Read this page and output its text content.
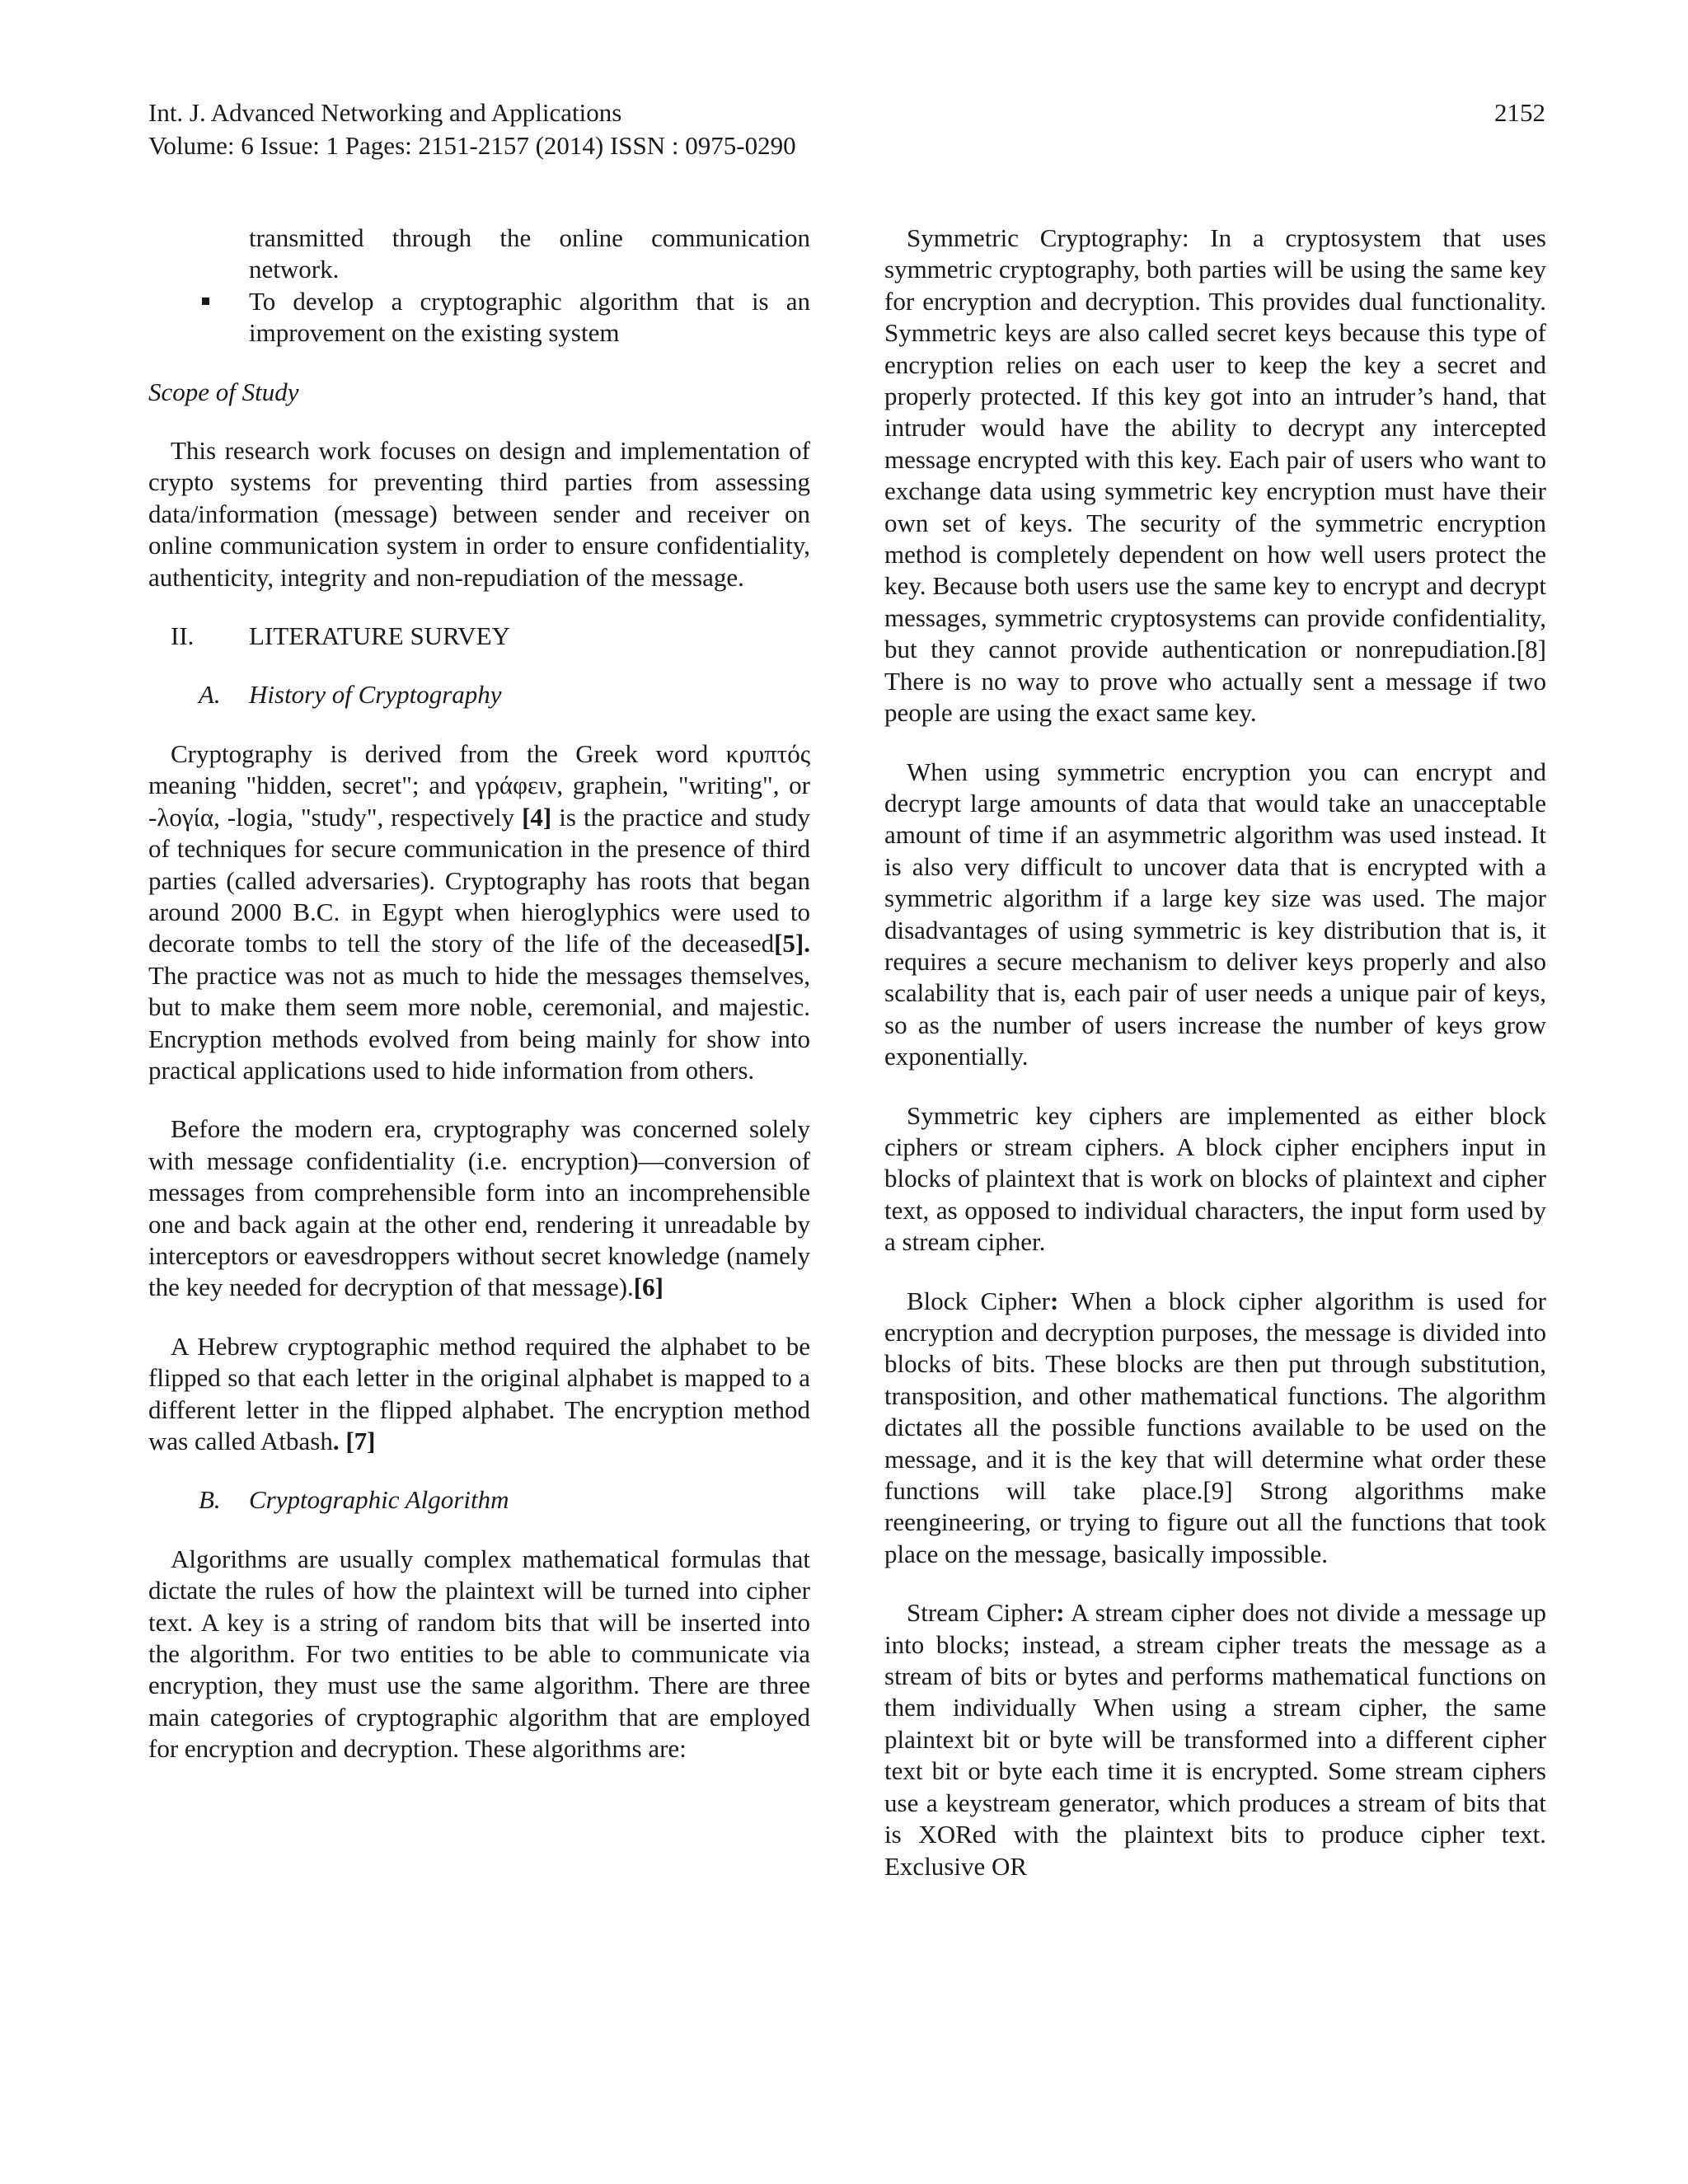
Int. J. Advanced Networking and Applications	2152
Volume: 6 Issue: 1 Pages: 2151-2157 (2014) ISSN : 0975-0290
transmitted through the online communication network.
To develop a cryptographic algorithm that is an improvement on the existing system
Scope of Study

This research work focuses on design and implementation of crypto systems for preventing third parties from assessing data/information (message) between sender and receiver on online communication system in order to ensure confidentiality, authenticity, integrity and non-repudiation of the message.

II.	LITERATURE SURVEY
A.	History of Cryptography

Cryptography is derived from the Greek word κρυπτός meaning "hidden, secret"; and γράφειν, graphein, "writing", or -λογία, -logia, "study", respectively [4] is the practice and study of techniques for secure communication in the presence of third parties (called adversaries). Cryptography has roots that began around 2000 B.C. in Egypt when hieroglyphics were used to decorate tombs to tell the story of the life of the deceased[5]. The practice was not as much to hide the messages themselves, but to make them seem more noble, ceremonial, and majestic. Encryption methods evolved from being mainly for show into practical applications used to hide information from others.

Before the modern era, cryptography was concerned solely with message confidentiality (i.e. encryption)—conversion of messages from comprehensible form into an incomprehensible one and back again at the other end, rendering it unreadable by interceptors or eavesdroppers without secret knowledge (namely the key needed for decryption of that message).[6]

A Hebrew cryptographic method required the alphabet to be flipped so that each letter in the original alphabet is mapped to a different letter in the flipped alphabet. The encryption method was called Atbash. [7]

B.	Cryptographic Algorithm

Algorithms are usually complex mathematical formulas that dictate the rules of how the plaintext will be turned into cipher text. A key is a string of random bits that will be inserted into the algorithm. For two entities to be able to communicate via encryption, they must use the same algorithm. There are three main categories of cryptographic algorithm that are employed for encryption and decryption. These algorithms are:

Symmetric Cryptography: In a cryptosystem that uses symmetric cryptography, both parties will be using the same key for encryption and decryption. This provides dual functionality. Symmetric keys are also called secret keys because this type of encryption relies on each user to keep the key a secret and properly protected. If this key got into an intruder’s hand, that intruder would have the ability to decrypt any intercepted message encrypted with this key. Each pair of users who want to exchange data using symmetric key encryption must have their own set of keys. The security of the symmetric encryption method is completely dependent on how well users protect the key. Because both users use the same key to encrypt and decrypt messages, symmetric cryptosystems can provide confidentiality, but they cannot provide authentication or nonrepudiation.[8] There is no way to prove who actually sent a message if two people are using the exact same key.

When using symmetric encryption you can encrypt and decrypt large amounts of data that would take an unacceptable amount of time if an asymmetric algorithm was used instead. It is also very difficult to uncover data that is encrypted with a symmetric algorithm if a large key size was used. The major disadvantages of using symmetric is key distribution that is, it requires a secure mechanism to deliver keys properly and also scalability that is, each pair of user needs a unique pair of keys, so as the number of users increase the number of keys grow exponentially.

Symmetric key ciphers are implemented as either block ciphers or stream ciphers. A block cipher enciphers input in blocks of plaintext that is work on blocks of plaintext and cipher text, as opposed to individual characters, the input form used by a stream cipher.

Block Cipher: When a block cipher algorithm is used for encryption and decryption purposes, the message is divided into blocks of bits. These blocks are then put through substitution, transposition, and other mathematical functions. The algorithm dictates all the possible functions available to be used on the message, and it is the key that will determine what order these functions will take place.[9] Strong algorithms make reengineering, or trying to figure out all the functions that took place on the message, basically impossible.

Stream Cipher: A stream cipher does not divide a message up into blocks; instead, a stream cipher treats the message as a stream of bits or bytes and performs mathematical functions on them individually When using a stream cipher, the same plaintext bit or byte will be transformed into a different cipher text bit or byte each time it is encrypted. Some stream ciphers use a keystream generator, which produces a stream of bits that is XORed with the plaintext bits to produce cipher text. Exclusive OR
